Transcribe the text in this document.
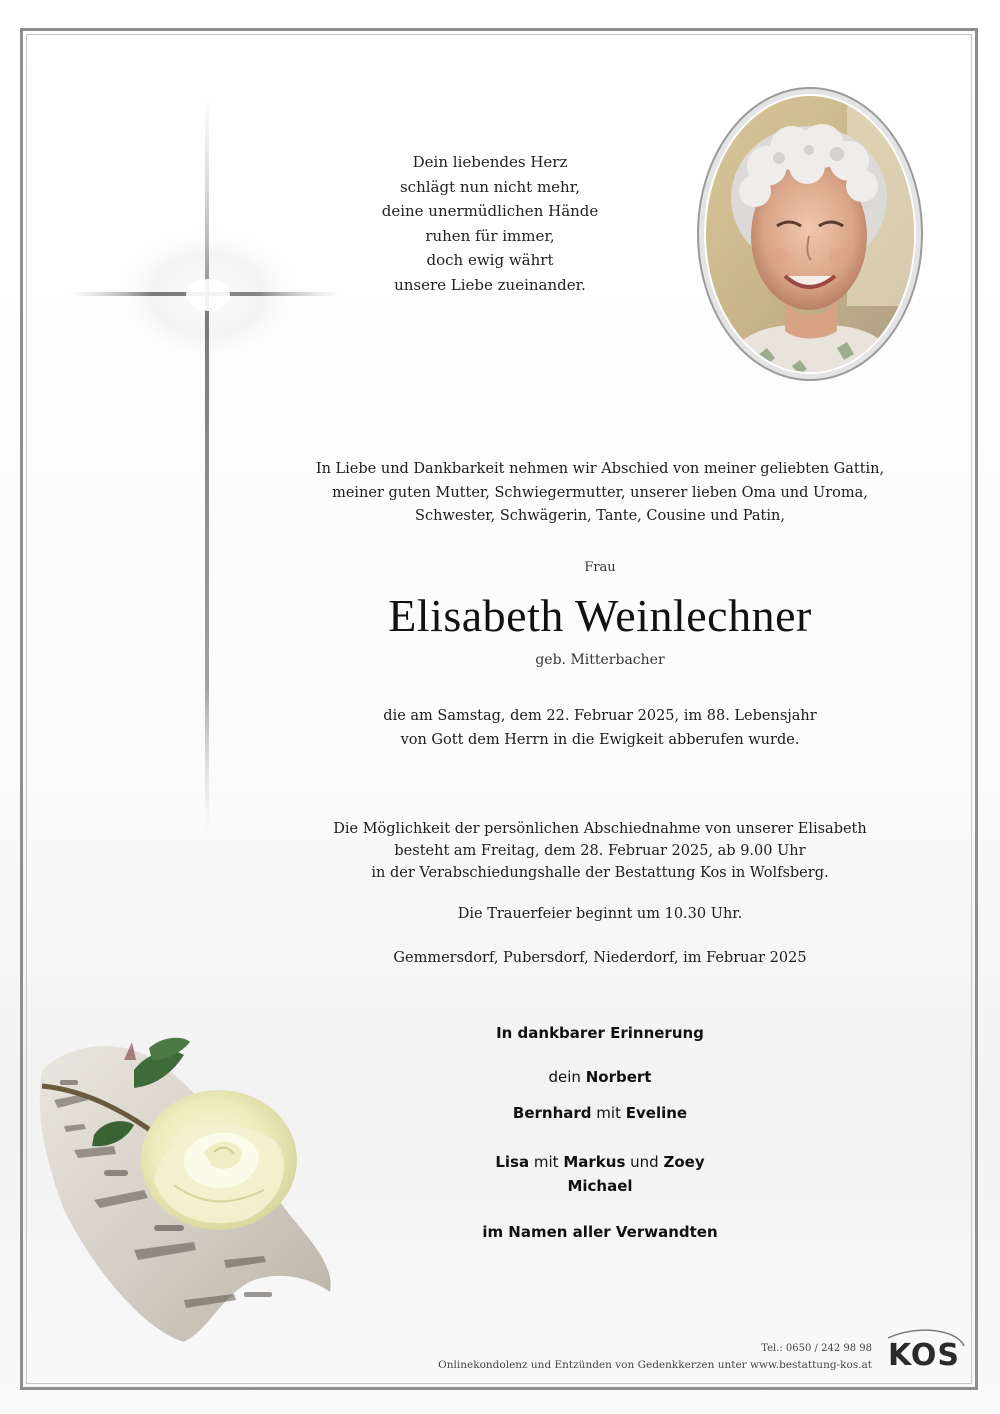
Dein liebendes Herz
schlägt nun nicht mehr,
deine unermüdlichen Hände
ruhen für immer,
doch ewig währt
unsere Liebe zueinander.
In Liebe und Dankbarkeit nehmen wir Abschied von meiner geliebten Gattin,
meiner guten Mutter, Schwiegermutter, unserer lieben Oma und Uroma,
Schwester, Schwägerin, Tante, Cousine und Patin,
Frau
Elisabeth Weinlechner
geb. Mitterbacher
die am Samstag, dem 22. Februar 2025, im 88. Lebensjahr
von Gott dem Herrn in die Ewigkeit abberufen wurde.
Die Möglichkeit der persönlichen Abschiednahme von unserer Elisabeth
besteht am Freitag, dem 28. Februar 2025, ab 9.00 Uhr
in der Verabschiedungshalle der Bestattung Kos in Wolfsberg.
Die Trauerfeier beginnt um 10.30 Uhr.
Gemmersdorf, Pubersdorf, Niederdorf, im Februar 2025
In dankbarer Erinnerung
dein Norbert
Bernhard mit Eveline
Lisa mit Markus und Zoey
Michael
im Namen aller Verwandten
Tel.: 0650 / 242 98 98
Onlinekondolenz und Entzünden von Gedenkkerzen unter www.bestattung-kos.at KOS
